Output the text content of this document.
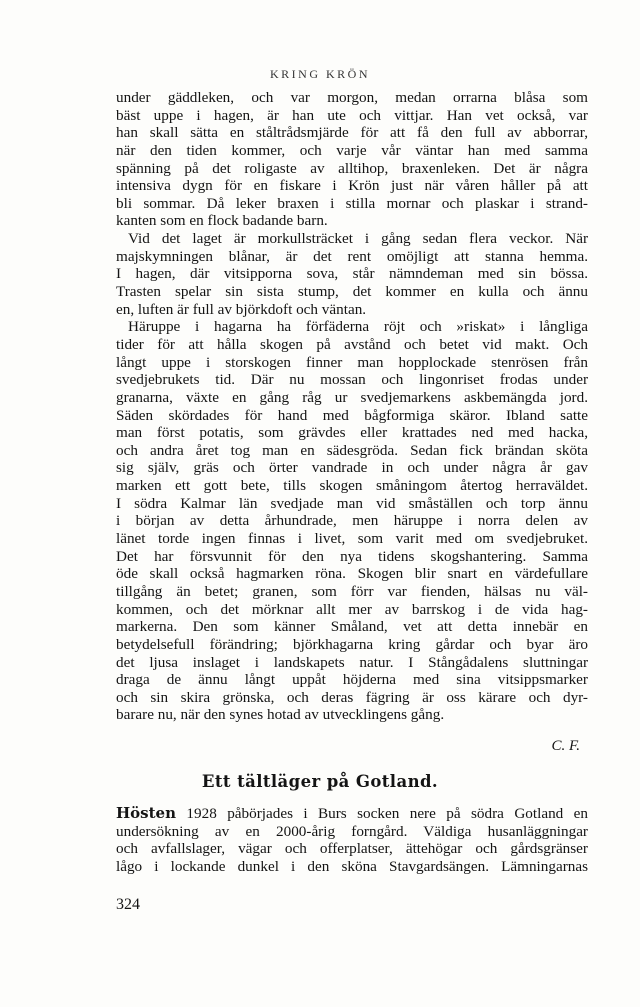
KRING KRÖN
under gäddleken, och var morgon, medan orrarna blåsa som
bäst uppe i hagen, är han ute och vittjar. Han vet också, var
han skall sätta en ståltrådsmjärde för att få den full av abborrar,
när den tiden kommer, och varje vår väntar han med samma
spänning på det roligaste av alltihop, braxenleken. Det är några
intensiva dygn för en fiskare i Krön just när våren håller på att
bli sommar. Då leker braxen i stilla mornar och plaskar i strand-
kanten som en flock badande barn.
Vid det laget är morkullsträcket i gång sedan flera veckor. När
majskymningen blånar, är det rent omöjligt att stanna hemma.
I hagen, där vitsipporna sova, står nämndeman med sin bössa.
Trasten spelar sin sista stump, det kommer en kulla och ännu
en, luften är full av björkdoft och väntan.
Häruppe i hagarna ha förfäderna röjt och »riskat» i långliga
tider för att hålla skogen på avstånd och betet vid makt. Och
långt uppe i storskogen finner man hopplockade stenrösen från
svedjebrukets tid. Där nu mossan och lingonriset frodas under
granarna, växte en gång råg ur svedjemarkens askbemängda jord.
Säden skördades för hand med bågformiga skäror. Ibland satte
man först potatis, som grävdes eller krattades ned med hacka,
och andra året tog man en sädesgröda. Sedan fick brändan sköta
sig själv, gräs och örter vandrade in och under några år gav
marken ett gott bete, tills skogen småningom återtog herraväldet.
I södra Kalmar län svedjade man vid småställen och torp ännu
i början av detta århundrade, men häruppe i norra delen av
länet torde ingen finnas i livet, som varit med om svedjebruket.
Det har försvunnit för den nya tidens skogshantering. Samma
öde skall också hagmarken röna. Skogen blir snart en värdefullare
tillgång än betet; granen, som förr var fienden, hälsas nu väl-
kommen, och det mörknar allt mer av barrskog i de vida hag-
markerna. Den som känner Småland, vet att detta innebär en
betydelsefull förändring; björkhagarna kring gårdar och byar äro
det ljusa inslaget i landskapets natur. I Stångådalens sluttningar
draga de ännu långt uppåt höjderna med sina vitsippsmarker
och sin skira grönska, och deras fägring är oss kärare och dyr-
barare nu, när den synes hotad av utvecklingens gång.
C. F.
Ett tältläger på Gotland.
Hösten 1928 påbörjades i Burs socken nere på södra Gotland en
undersökning av en 2000-årig forngård. Väldiga husanläggningar
och avfallslager, vägar och offerplatser, ättehögar och gårdsgränser
lågo i lockande dunkel i den sköna Stavgardsängen. Lämningarnas
324
